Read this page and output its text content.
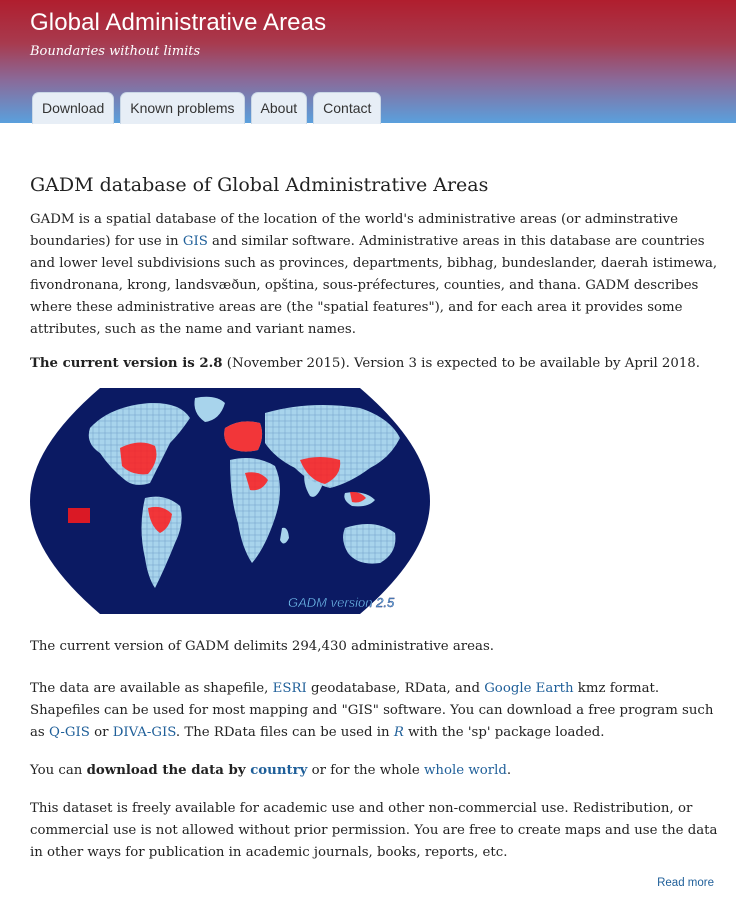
Global Administrative Areas
Boundaries without limits
Download	Known problems	About	Contact
GADM database of Global Administrative Areas

GADM is a spatial database of the location of the world's administrative areas (or adminstrative boundaries) for use in GIS and similar software. Administrative areas in this database are countries and lower level subdivisions such as provinces, departments, bibhag, bundeslander, daerah istimewa, fivondronana, krong, landsvæðun, opština, sous-préfectures, counties, and thana. GADM describes where these administrative areas are (the "spatial features"), and for each area it provides some attributes, such as the name and variant names.

The current version is 2.8 (November 2015). Version 3 is expected to be available by April 2018.

GADM version 2.5

The current version of GADM delimits 294,430 administrative areas.

The data are available as shapefile, ESRI geodatabase, RData, and Google Earth kmz format. Shapefiles can be used for most mapping and "GIS" software. You can download a free program such as Q-GIS or DIVA-GIS. The RData files can be used in R with the 'sp' package loaded.

You can download the data by country or for the whole whole world.

This dataset is freely available for academic use and other non-commercial use. Redistribution, or commercial use is not allowed without prior permission. You are free to create maps and use the data in other ways for publication in academic journals, books, reports, etc.

Read more
